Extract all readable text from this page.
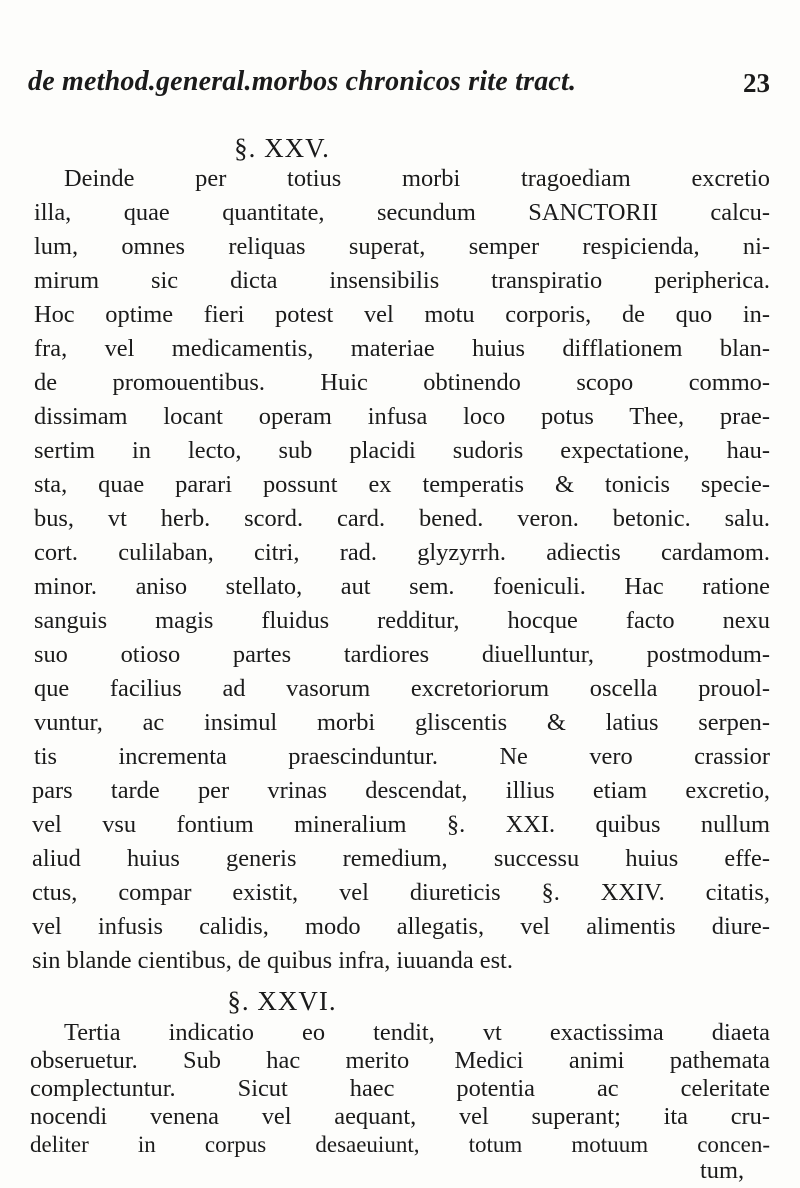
de method.general.morbos chronicos rite tract.	23
§. XXV.
Deinde per totius morbi tragoediam excretio
illa, quae quantitate, secundum SANCTORII calcu-
lum, omnes reliquas superat, semper respicienda, ni-
mirum sic dicta insensibilis transpiratio peripherica.
Hoc optime fieri potest vel motu corporis, de quo in-
fra, vel medicamentis, materiae huius difflationem blan-
de promouentibus. Huic obtinendo scopo commo-
dissimam locant operam infusa loco potus Thee, prae-
sertim in lecto, sub placidi sudoris expectatione, hau-
sta, quae parari possunt ex temperatis & tonicis specie-
bus, vt herb. scord. card. bened. veron. betonic. salu.
cort. culilaban, citri, rad. glyzyrrh. adiectis cardamom.
minor. aniso stellato, aut sem. foeniculi. Hac ratione
sanguis magis fluidus redditur, hocque facto nexu
suo otioso partes tardiores diuelluntur, postmodum-
que facilius ad vasorum excretoriorum oscella prouol-
vuntur, ac insimul morbi gliscentis & latius serpen-
tis incrementa praescinduntur. Ne vero crassior
pars tarde per vrinas descendat, illius etiam excretio,
vel vsu fontium mineralium §. XXI. quibus nullum
aliud huius generis remedium, successu huius effe-
ctus, compar existit, vel diureticis §. XXIV. citatis,
vel infusis calidis, modo allegatis, vel alimentis diure-
sin blande cientibus, de quibus infra, iuuanda est.
§. XXVI.
Tertia indicatio eo tendit, vt exactissima diaeta
obseruetur. Sub hac merito Medici animi pathemata
complectuntur. Sicut haec potentia ac celeritate
nocendi venena vel aequant, vel superant; ita cru-
deliter in corpus desaeuiunt, totum motuum concen-
tum,
